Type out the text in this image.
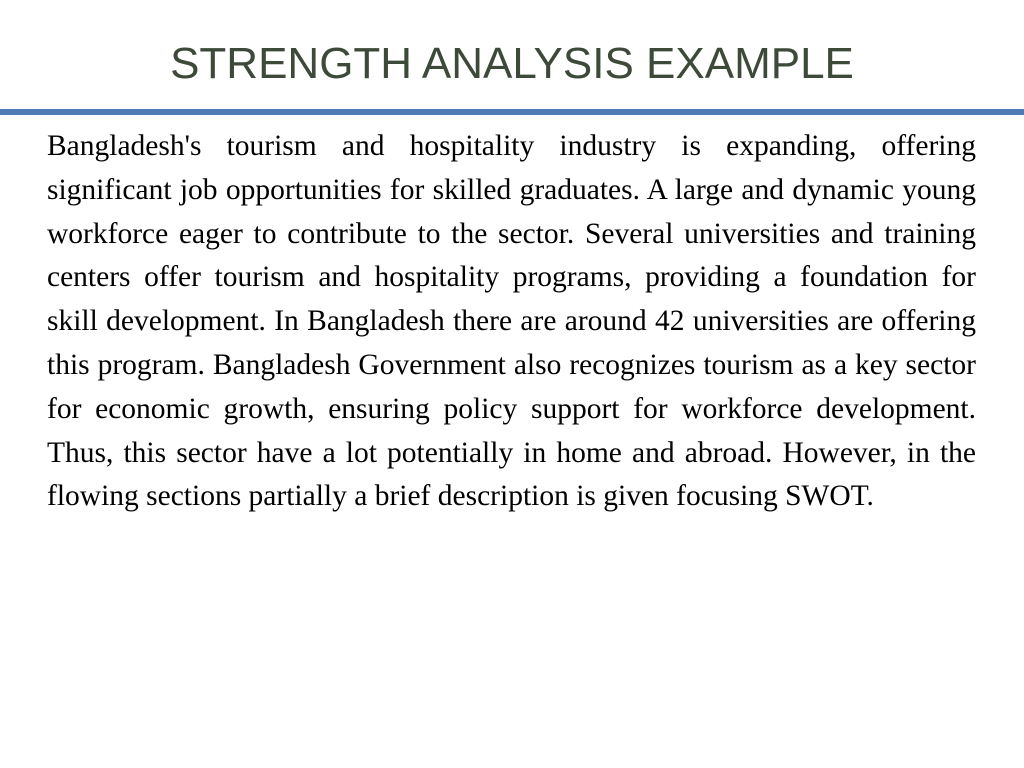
STRENGTH ANALYSIS EXAMPLE

Bangladesh's tourism and hospitality industry is expanding, offering significant job opportunities for skilled graduates. A large and dynamic young workforce eager to contribute to the sector. Several universities and training centers offer tourism and hospitality programs, providing a foundation for skill development. In Bangladesh there are around 42 universities are offering this program. Bangladesh Government also recognizes tourism as a key sector for economic growth, ensuring policy support for workforce development. Thus, this sector have a lot potentially in home and abroad. However, in the flowing sections partially a brief description is given focusing SWOT.
